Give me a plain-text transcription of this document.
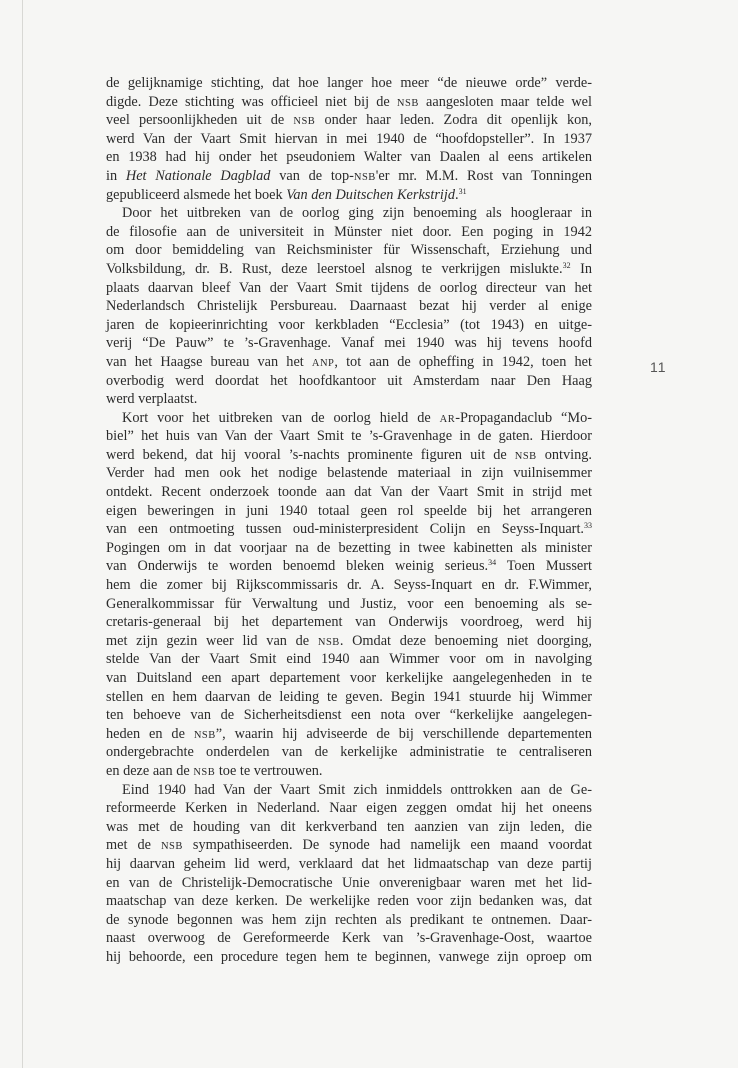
11
de gelijknamige stichting, dat hoe langer hoe meer “de nieuwe orde” verde-
digde. Deze stichting was officieel niet bij de NSB aangesloten maar telde wel
veel persoonlijkheden uit de NSB onder haar leden. Zodra dit openlijk kon,
werd Van der Vaart Smit hiervan in mei 1940 de “hoofdopsteller”. In 1937
en 1938 had hij onder het pseudoniem Walter van Daalen al eens artikelen
in Het Nationale Dagblad van de top-NSB'er mr. M.M. Rost van Tonningen
gepubliceerd alsmede het boek Van den Duitschen Kerkstrijd.$^{31}$
Door het uitbreken van de oorlog ging zijn benoeming als hoogleraar in
de filosofie aan de universiteit in Münster niet door. Een poging in 1942
om door bemiddeling van Reichsminister für Wissenschaft, Erziehung und
Volksbildung, dr. B. Rust, deze leerstoel alsnog te verkrijgen mislukte.$^{32}$ In
plaats daarvan bleef Van der Vaart Smit tijdens de oorlog directeur van het
Nederlandsch Christelijk Persbureau. Daarnaast bezat hij verder al enige
jaren de kopieerinrichting voor kerkbladen “Ecclesia” (tot 1943) en uitge-
verij “De Pauw” te ’s-Gravenhage. Vanaf mei 1940 was hij tevens hoofd
van het Haagse bureau van het ANP, tot aan de opheffing in 1942, toen het
overbodig werd doordat het hoofdkantoor uit Amsterdam naar Den Haag
werd verplaatst.
Kort voor het uitbreken van de oorlog hield de AR-Propagandaclub “Mo-
biel” het huis van Van der Vaart Smit te ’s-Gravenhage in de gaten. Hierdoor
werd bekend, dat hij vooral ’s-nachts prominente figuren uit de NSB ontving.
Verder had men ook het nodige belastende materiaal in zijn vuilnisemmer
ontdekt. Recent onderzoek toonde aan dat Van der Vaart Smit in strijd met
eigen beweringen in juni 1940 totaal geen rol speelde bij het arrangeren
van een ontmoeting tussen oud-ministerpresident Colijn en Seyss-Inquart.$^{33}$
Pogingen om in dat voorjaar na de bezetting in twee kabinetten als minister
van Onderwijs te worden benoemd bleken weinig serieus.$^{34}$ Toen Mussert
hem die zomer bij Rijkscommissaris dr. A. Seyss-Inquart en dr. F.Wimmer,
Generalkommissar für Verwaltung und Justiz, voor een benoeming als se-
cretaris-generaal bij het departement van Onderwijs voordroeg, werd hij
met zijn gezin weer lid van de NSB. Omdat deze benoeming niet doorging,
stelde Van der Vaart Smit eind 1940 aan Wimmer voor om in navolging
van Duitsland een apart departement voor kerkelijke aangelegenheden in te
stellen en hem daarvan de leiding te geven. Begin 1941 stuurde hij Wimmer
ten behoeve van de Sicherheitsdienst een nota over “kerkelijke aangelegen-
heden en de NSB”, waarin hij adviseerde de bij verschillende departementen
ondergebrachte onderdelen van de kerkelijke administratie te centraliseren
en deze aan de NSB toe te vertrouwen.
Eind 1940 had Van der Vaart Smit zich inmiddels onttrokken aan de Ge-
reformeerde Kerken in Nederland. Naar eigen zeggen omdat hij het oneens
was met de houding van dit kerkverband ten aanzien van zijn leden, die
met de NSB sympathiseerden. De synode had namelijk een maand voordat
hij daarvan geheim lid werd, verklaard dat het lidmaatschap van deze partij
en van de Christelijk-Democratische Unie onverenigbaar waren met het lid-
maatschap van deze kerken. De werkelijke reden voor zijn bedanken was, dat
de synode begonnen was hem zijn rechten als predikant te ontnemen. Daar-
naast overwoog de Gereformeerde Kerk van ’s-Gravenhage-Oost, waartoe
hij behoorde, een procedure tegen hem te beginnen, vanwege zijn oproep om
